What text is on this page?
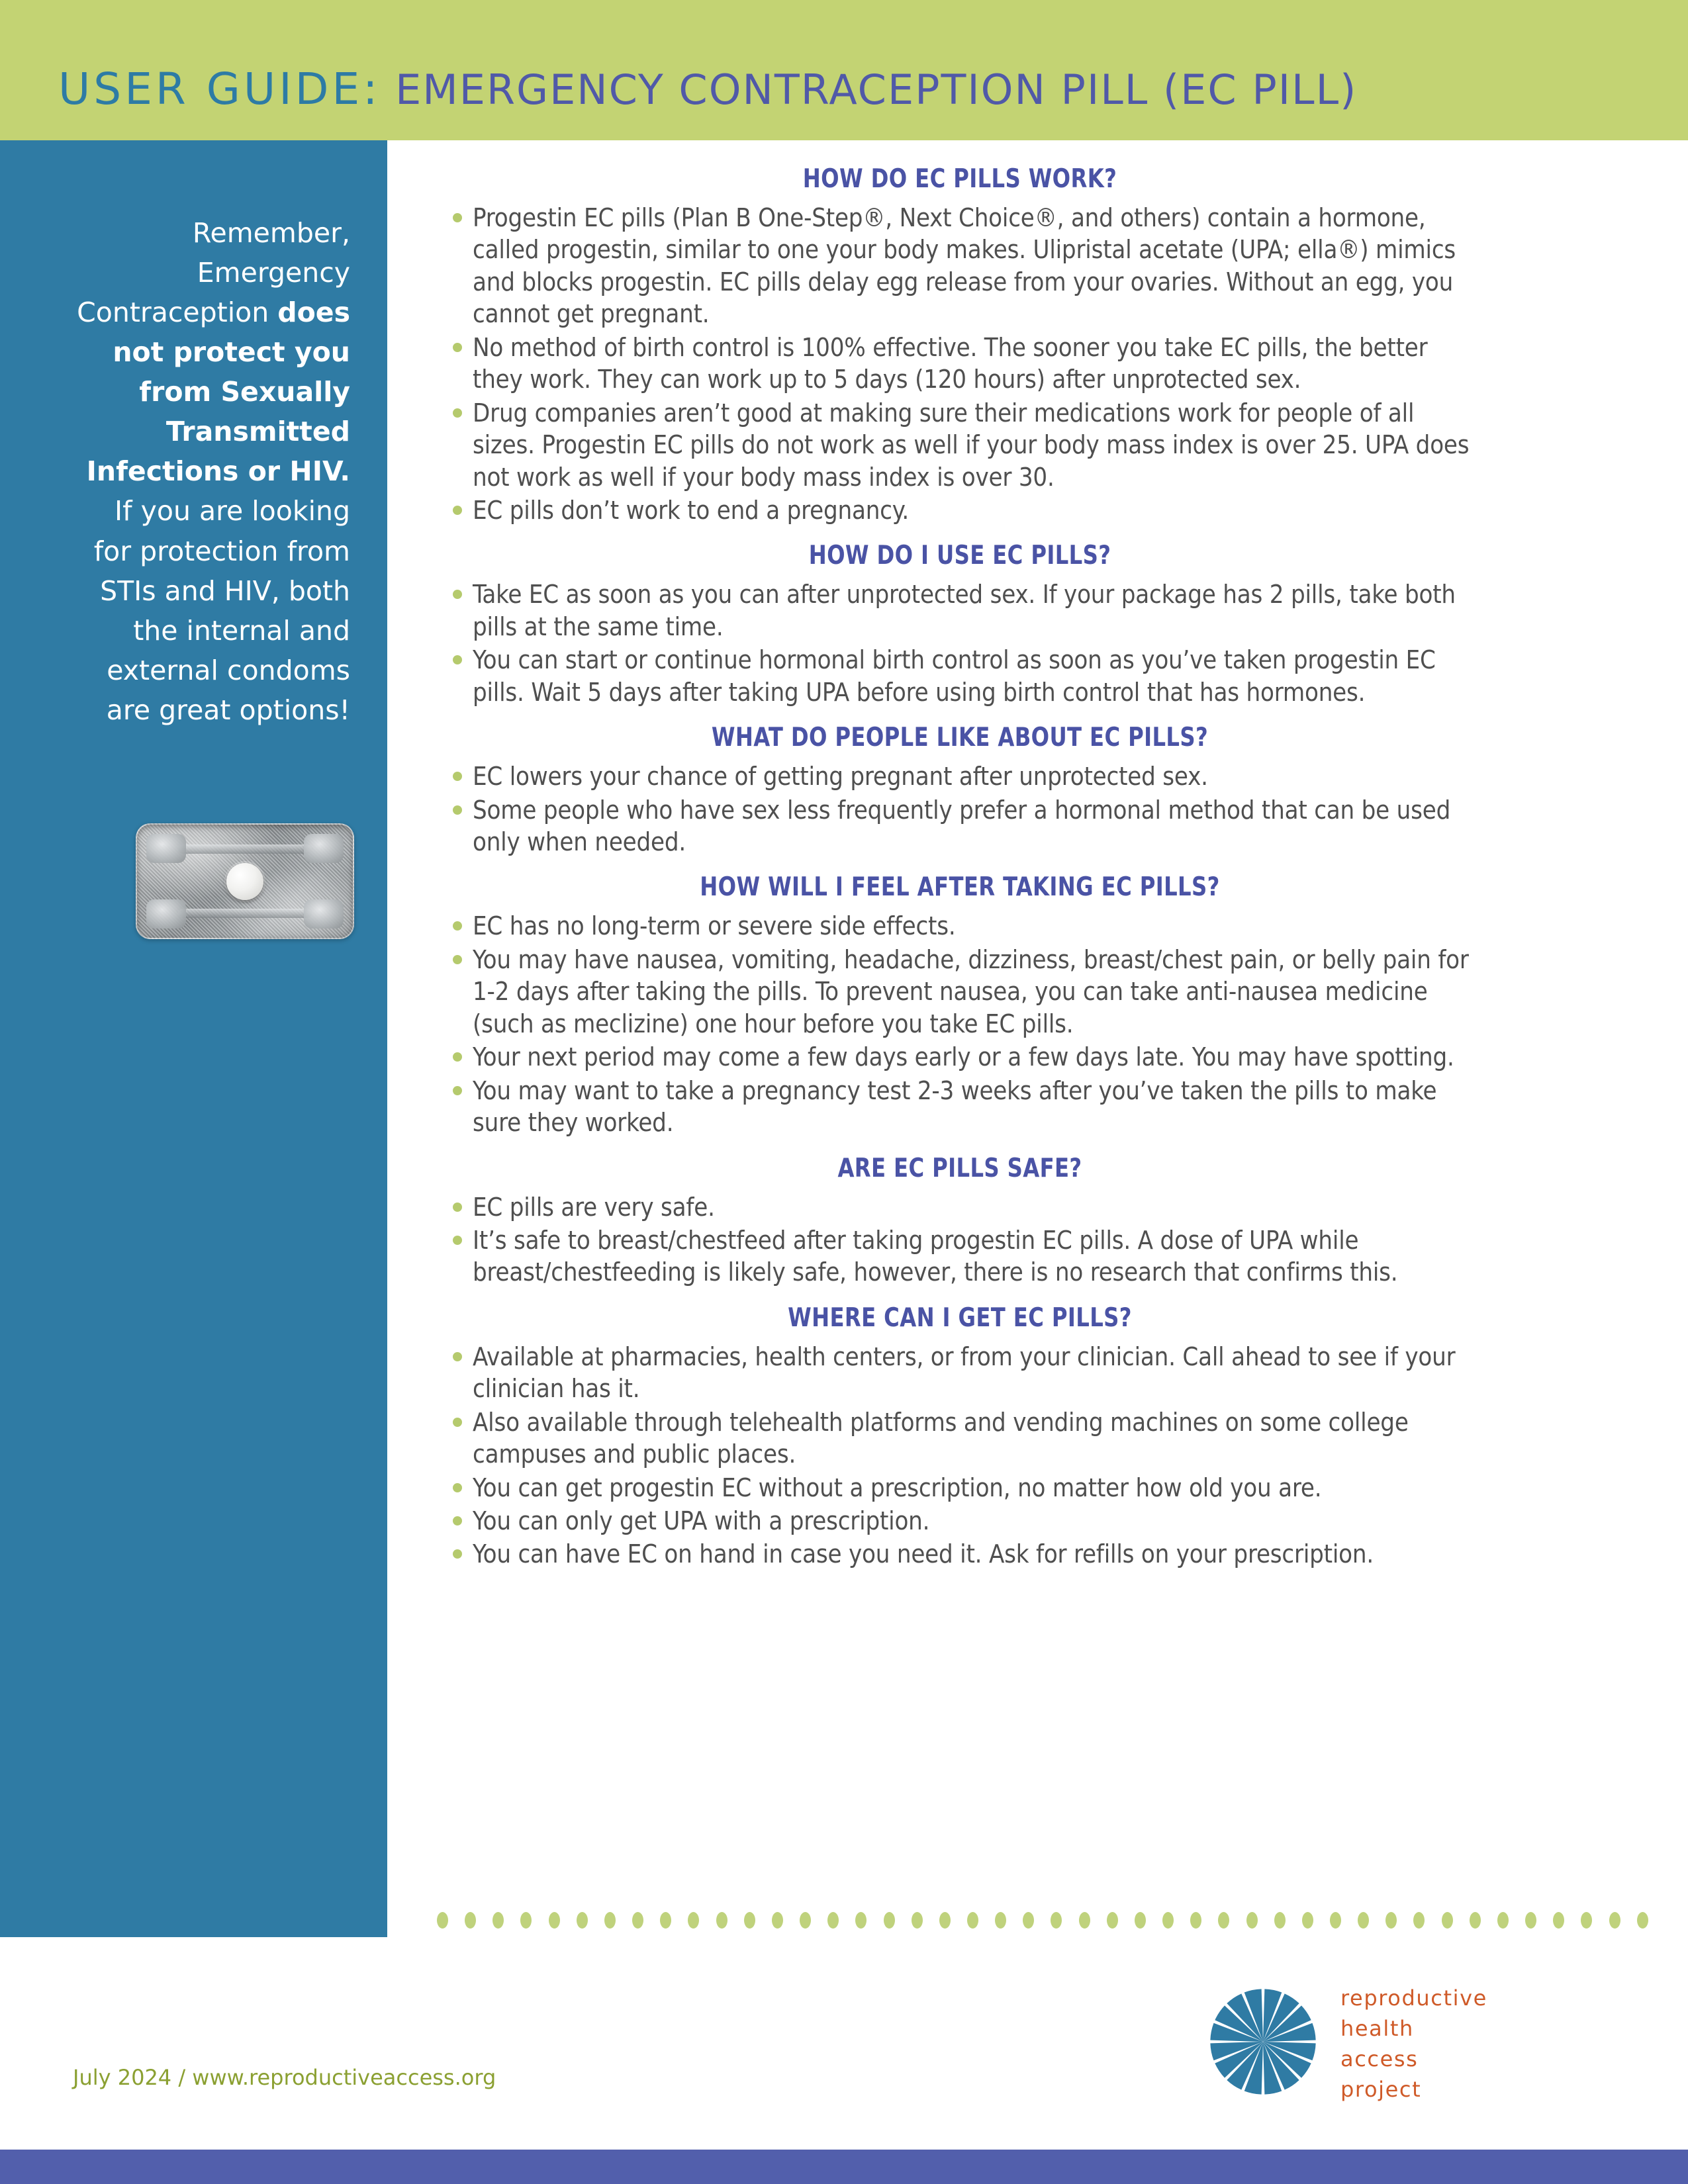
USER GUIDE: EMERGENCY CONTRACEPTION PILL (EC PILL)
Remember, Emergency Contraception does not protect you from Sexually Transmitted Infections or HIV. If you are looking for protection from STIs and HIV, both the internal and external condoms are great options!
HOW DO EC PILLS WORK?
Progestin EC pills (Plan B One-Step®, Next Choice®, and others) contain a hormone, called progestin, similar to one your body makes. Ulipristal acetate (UPA; ella®) mimics and blocks progestin. EC pills delay egg release from your ovaries. Without an egg, you cannot get pregnant.
No method of birth control is 100% effective. The sooner you take EC pills, the better they work. They can work up to 5 days (120 hours) after unprotected sex.
Drug companies aren’t good at making sure their medications work for people of all sizes. Progestin EC pills do not work as well if your body mass index is over 25. UPA does not work as well if your body mass index is over 30.
EC pills don’t work to end a pregnancy.
HOW DO I USE EC PILLS?
Take EC as soon as you can after unprotected sex. If your package has 2 pills, take both pills at the same time.
You can start or continue hormonal birth control as soon as you’ve taken progestin EC pills. Wait 5 days after taking UPA before using birth control that has hormones.
WHAT DO PEOPLE LIKE ABOUT EC PILLS?
EC lowers your chance of getting pregnant after unprotected sex.
Some people who have sex less frequently prefer a hormonal method that can be used only when needed.
HOW WILL I FEEL AFTER TAKING EC PILLS?
EC has no long-term or severe side effects.
You may have nausea, vomiting, headache, dizziness, breast/chest pain, or belly pain for 1-2 days after taking the pills. To prevent nausea, you can take anti-nausea medicine (such as meclizine) one hour before you take EC pills.
Your next period may come a few days early or a few days late. You may have spotting.
You may want to take a pregnancy test 2-3 weeks after you’ve taken the pills to make sure they worked.
ARE EC PILLS SAFE?
EC pills are very safe.
It’s safe to breast/chestfeed after taking progestin EC pills. A dose of UPA while breast/chestfeeding is likely safe, however, there is no research that confirms this.
WHERE CAN I GET EC PILLS?
Available at pharmacies, health centers, or from your clinician. Call ahead to see if your clinician has it.
Also available through telehealth platforms and vending machines on some college campuses and public places.
You can get progestin EC without a prescription, no matter how old you are.
You can only get UPA with a prescription.
You can have EC on hand in case you need it. Ask for refills on your prescription.
July 2024 / www.reproductiveaccess.org
reproductive
health
access
project
